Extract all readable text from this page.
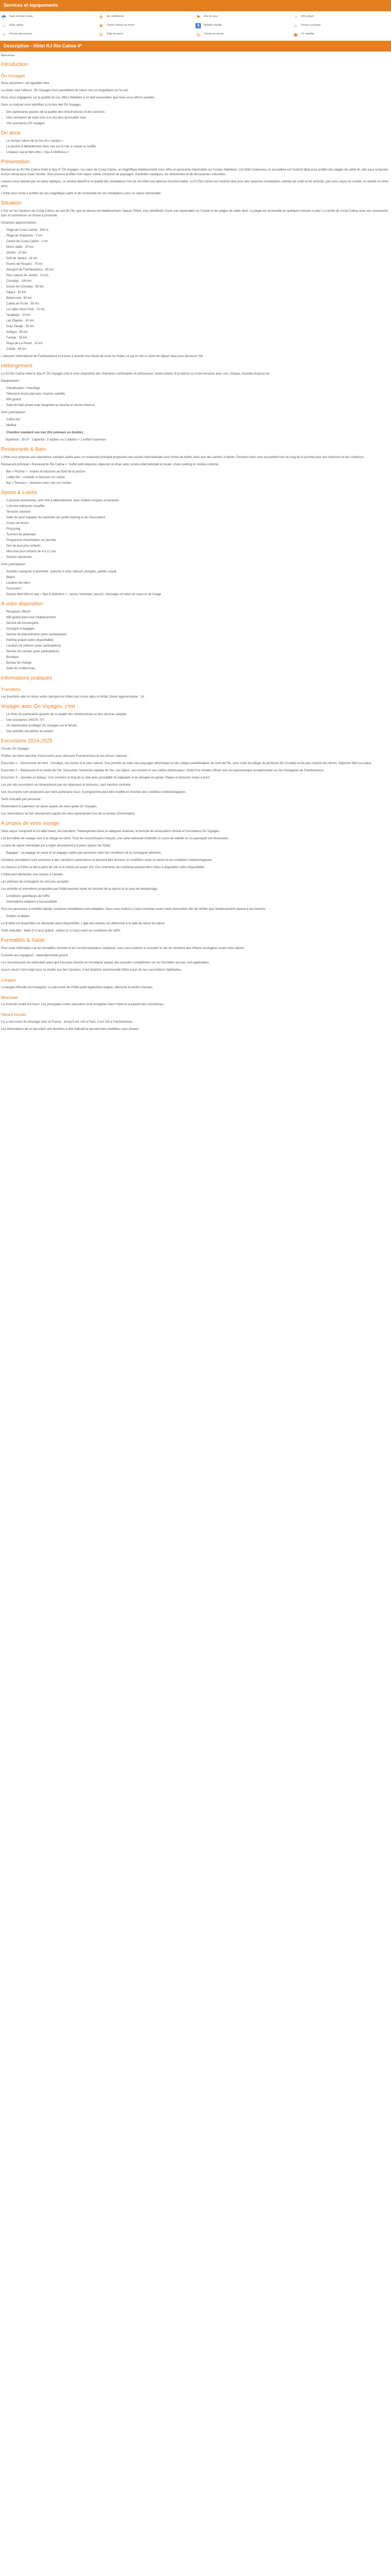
Services et équipements
☔ Salle de bain privée	❄	Air conditionné	⚑ Aire de jeux	◔	Wifi gratuit
⌂	Baby sitting	❀	Centre remise en forme	♿ Mobilité réduite	≈	Piscine couverte
≈	Piscine découverte	⚖ Salle de sport	◎	Terrain de tennis	▣ TV satellite
Description - Hôtel RJ Rio Calma 4*

Bienvenue

Introduction
Ön Voyages

Nous accordons, cet agréable rêve.

La visiter vaut l'ailleurs, Ön Voyages nous permettent de mieux voir ce magnifique sur la voix.

Nous nous engageons sur la qualité de vos offres Hôtelière à un tarif accessibles que nous vous offrons parfaits.

Dans ce manuel vous identifiez ici la liste des Ön Voyages :

• Des partenaires garants de la qualité des infrastructures et des services
• Une connexion de votre voix à la une plus accessible suivi
• Une assistance Ön voyages
On aime
• Le secteur calme de la rive où « vacays »
• La piscine à débordement avec vue sur la mer à couper le souffle
• L'espace spa et bien-être « Spa & Wellness »
Présentation

Bienvenue au RJ Rio Calma Hotel & Spa 4* Ön Voyages ! Au cœur de Costa Calma, un magnifique établissement vous offre un panorama imprenable sur l'océan Atlantique. Cet hôtel chaleureux et accueillant est l'endroit idéal pour profiter des plages de sable fin, des eaux turquoise et d'un climat doux toute l'année. Vous pourrez profiter d'un séjour calme, composé de paysages, d'activités nautiques, de randonnées et de découvertes culturelles.

Laissez-vous séduire par un cadre idyllique. Le service attentif et la qualité des installations font de cet hôtel une adresse incontournable. Le RJ Rio Calma est l'endroit rêvé pour des vacances inoubliables, pleines de soleil et de sérénité, que vous soyez en couple, en famille ou entre amis.

L'hôtel vous invite à profiter de son magnifique cadre et de l'ensemble de ses installations pour un séjour mémorable.

Situation

C'est sur les hauteurs de Costa Calma, au sud de l'île, que se dresse cet établissement. Depuis l'hôtel, vous bénéficiez d'une vue imprenable sur l'océan et les plages de sable doré. La plage est accessible en quelques minutes à pied. Le centre de Costa Calma avec ses restaurants, bars et commerces se trouve à proximité.

Distances approximatives :

• Plage de Costa Calma : 300 m
• Plage de Sotavento : 5 km
• Centre de Costa Calma : 1 km
• Morro Jable : 20 km
• Jandía : 22 km
• Golf de Jandía : 24 km
• Puerto del Rosario : 70 km
• Aéroport de Fuerteventura : 65 km
• Parc naturel de Jandía : 10 km
• Corralejo : 100 km
• Dunes de Corralejo : 95 km
• Pájara : 30 km
• Betancuria : 60 km
• Caleta de Fuste : 55 km
• La Lajita Oasis Park : 12 km
• Tarajalejo : 15 km
• Las Playitas : 40 km
• Gran Tarajal : 30 km
• Antigua : 45 km
• Tuineje : 35 km
• Playa de La Pared : 15 km
• Cofete : 40 km

L'aéroport international de Fuerteventura se trouve à environ une heure de route de l'hôtel, ce qui en fait un point de départ idéal pour découvrir l'île.

Hébergement

Le RJ Rio Calma Hotel & Spa 4* Ön Voyages met à votre disposition des chambres confortables et lumineuses, toutes dotées d'un balcon ou d'une terrasse avec vue. Chaque chambre dispose de :

Équipements :

• Climatisation / chauffage
• Télévision écran plat avec chaînes satellite
• Wifi gratuit
• Salle de bain privée avec baignoire ou douche et sèche-cheveux

Avec participation :

• Coffre-fort
• Minibar
• Chambre standard vue mer (lits jumeaux ou double) :

Superficie : 26 m² · Capacité : 2 adultes ou 2 adultes + 1 enfant maximum

Restaurants & Bars

L'hôtel vous propose une expérience culinaire variée avec un restaurant principal proposant une cuisine internationale sous forme de buffet, ainsi que des soirées à thème. Plusieurs bars vous accueillent tout au long de la journée pour des boissons et des collations.

Restaurant principal « Restaurante Rio Calma » : buffet petit-déjeuner, déjeuner et dîner avec cuisine internationale et locale, show cooking et soirées à thème.

• Bar « Piscina » : snacks et boissons au bord de la piscine
• Lobby Bar : cocktails et boissons en soirée
• Bar « Terraza » : boissons avec vue sur l'océan
Sports & Loisirs
• 2 piscines extérieures, dont une à débordement, avec chaises longues et parasols
• 1 piscine intérieure chauffée
• Terrasse solarium
• Salle de sport équipée de machines de cardio-training et de musculation
• Courts de tennis
• Ping-pong
• Tournois de pétanque
• Programme d'animations en journée
• Aire de jeux pour enfants
• Mini-club pour enfants de 4 à 12 ans
• Soirées spectacles

Avec participation :

• Activités nautiques à proximité : planche à voile, kitesurf, plongée, paddle, kayak
• Billard
• Location de vélos
• Excursions
• Espace bien-être et spa « Spa & Wellness » : sauna, hammam, jacuzzi, massages et soins du corps et du visage
A votre disposition
• Réception 24h/24
• Wifi gratuit dans tout l'établissement
• Service de conciergerie
• Consigne à bagages
• Service de blanchisserie (avec participation)
• Parking gratuit (selon disponibilité)
• Location de voitures (avec participation)
• Service de navette (avec participation)
• Boutique
• Bureau de change
• Salle de conférences
Informations pratiques
Transferts

Les transferts aller et retour entre l'aéroport et l'hôtel sont inclus dans le forfait. Durée approximative : 1h.

Voyager avec Ön Voyages, c'est :
• Le choix de partenaires garants de la qualité des infrastructures et des services adaptés
• Une assistance 24h/24, 7j/7
• Un interlocuteur privilégié Ön Voyages sur le terrain
• Des activités encadrées et variées
Excursions 2024-2025

Circuits Ön Voyages

Profitez de notre sélection d'excursions pour découvrir Fuerteventura et ses trésors naturels :

Excursion 1 – Découverte du nord : Corralejo, ses dunes et le parc naturel. Une journée au cœur des paysages désertiques et des plages paradisiaques du nord de l'île, avec visite du village de pêcheurs de Corralejo et du parc naturel des dunes. Déjeuner libre sur place.

Excursion 2 – Betancuria et le centre de l'île. Découvrez l'ancienne capitale de l'île, son église, ses musées et ses ruelles pittoresques. Visite d'un mirador offrant une vue panoramique exceptionnelle sur les montagnes de Fuerteventura.

Excursion 3 – Journée en bateau. Une croisière le long de la côte avec possibilité de baignade et de plongée en apnée. Repas et boissons inclus à bord.

Les prix des excursions ne comprennent pas les déjeuners et boissons, sauf mention contraire.

Ces excursions sont proposées par notre partenaire local ; le programme peut être modifié en fonction des conditions météorologiques.

Tarifs indicatifs par personne :

Réservation et paiement sur place auprès de votre guide Ön Voyages.

Les réservations se font directement auprès de votre représentant lors de la réunion d'information.

A propos de votre voyage

Votre séjour comprend le vol aller-retour, les transferts, l'hébergement dans la catégorie réservée, la formule de restauration choisie et l'assistance Ön Voyages.

Les formalités de voyage sont à la charge du client. Pour les ressortissants français, une carte nationale d'identité en cours de validité ou un passeport est nécessaire.

La taxe de séjour éventuelle est à régler directement sur place auprès de l'hôtel.

• Bagages : un bagage en soute et un bagage cabine par personne selon les conditions de la compagnie aérienne.

Certaines prestations sont soumises à des conditions particulières et peuvent être fermées ou modifiées selon la saison et les conditions météorologiques.

Le check-in à l'hôtel se fait à partir de 14h et le check-out avant 12h. Des chambres de courtoisie peuvent être mises à disposition selon disponibilité.

L'hôtel peut demander une caution à l'arrivée.

Les animaux de compagnie ne sont pas acceptés.

Les activités et animations proposées par l'hôtel peuvent varier en fonction de la saison et du taux de remplissage.

• Conditions spécifiques de l'offre
• Informations relatives à l'accessibilité

Pour les personnes à mobilité réduite, certaines installations sont adaptées. Nous vous invitons à nous contacter avant votre réservation afin de vérifier que l'établissement répond à vos besoins.

• Enfants et bébés

Le lit bébé est disponible sur demande selon disponibilité. L'âge des enfants est déterminé à la date de retour du séjour.

Tarifs indicatifs : bébé (0-2 ans) gratuit ; enfant (2-12 ans) selon les conditions de l'offre.

Formalités & Santé

Pour toute information sur les formalités d'entrée et les recommandations sanitaires, nous vous invitons à consulter le site du ministère des Affaires étrangères avant votre départ.

Conseils aux voyageurs : www.diplomatie.gouv.fr

Les ressortissants de nationalité autre que française doivent se renseigner auprès des autorités compétentes sur les formalités qui leur sont applicables.

Aucun vaccin n'est exigé pour se rendre aux îles Canaries. Il est toutefois recommandé d'être à jour de ses vaccinations habituelles.

Langue

La langue officielle est l'espagnol. Le personnel de l'hôtel parle également anglais, allemand et parfois français.

Monnaie

La monnaie locale est l'euro. Les principales cartes bancaires sont acceptées dans l'hôtel et la plupart des commerces.

Heure locale

Il y a une heure de décalage avec la France : lorsqu'il est 12h à Paris, il est 11h à Fuerteventura.

Les informations de ce descriptif sont données à titre indicatif et peuvent être modifiées sans préavis.
